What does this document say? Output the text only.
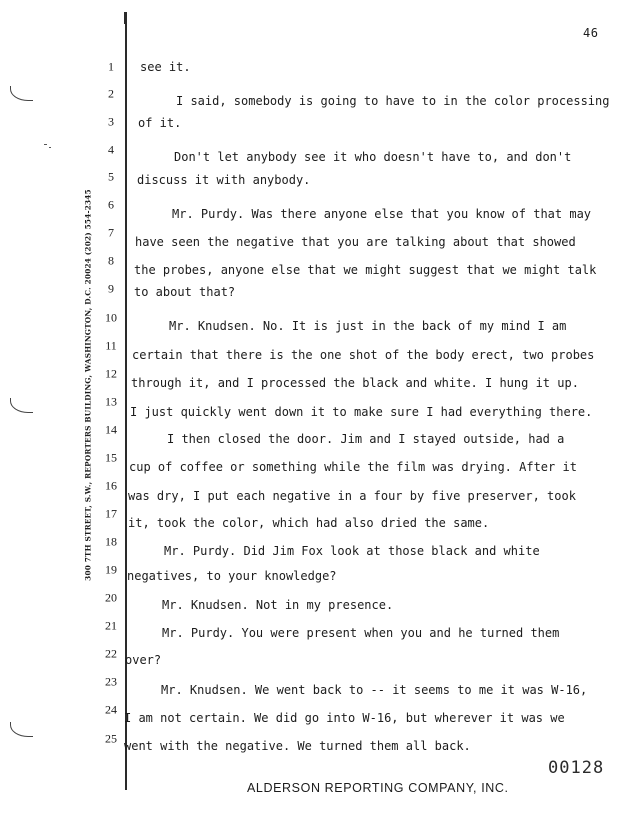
46
300 7TH STREET, S.W., REPORTERS BUILDING, WASHINGTON, D.C. 20024 (202) 554-2345
1
2
3
4
5
6
7
8
9
10
11
12
13
14
15
16
17
18
19
20
21
22
23
24
25
see it.
I said, somebody is going to have to in the color processing
of it.
Don't let anybody see it who doesn't have to, and don't
discuss it with anybody.
Mr. Purdy. Was there anyone else that you know of that may
have seen the negative that you are talking about that showed
the probes, anyone else that we might suggest that we might talk
to about that?
Mr. Knudsen. No. It is just in the back of my mind I am
certain that there is the one shot of the body erect, two probes
through it, and I processed the black and white. I hung it up.
I just quickly went down it to make sure I had everything there.
I then closed the door. Jim and I stayed outside, had a
cup of coffee or something while the film was drying. After it
was dry, I put each negative in a four by five preserver, took
it, took the color, which had also dried the same.
Mr. Purdy. Did Jim Fox look at those black and white
negatives, to your knowledge?
Mr. Knudsen. Not in my presence.
Mr. Purdy. You were present when you and he turned them
over?
Mr. Knudsen. We went back to -- it seems to me it was W-16,
I am not certain. We did go into W-16, but wherever it was we
went with the negative. We turned them all back.
00128
ALDERSON REPORTING COMPANY, INC.
